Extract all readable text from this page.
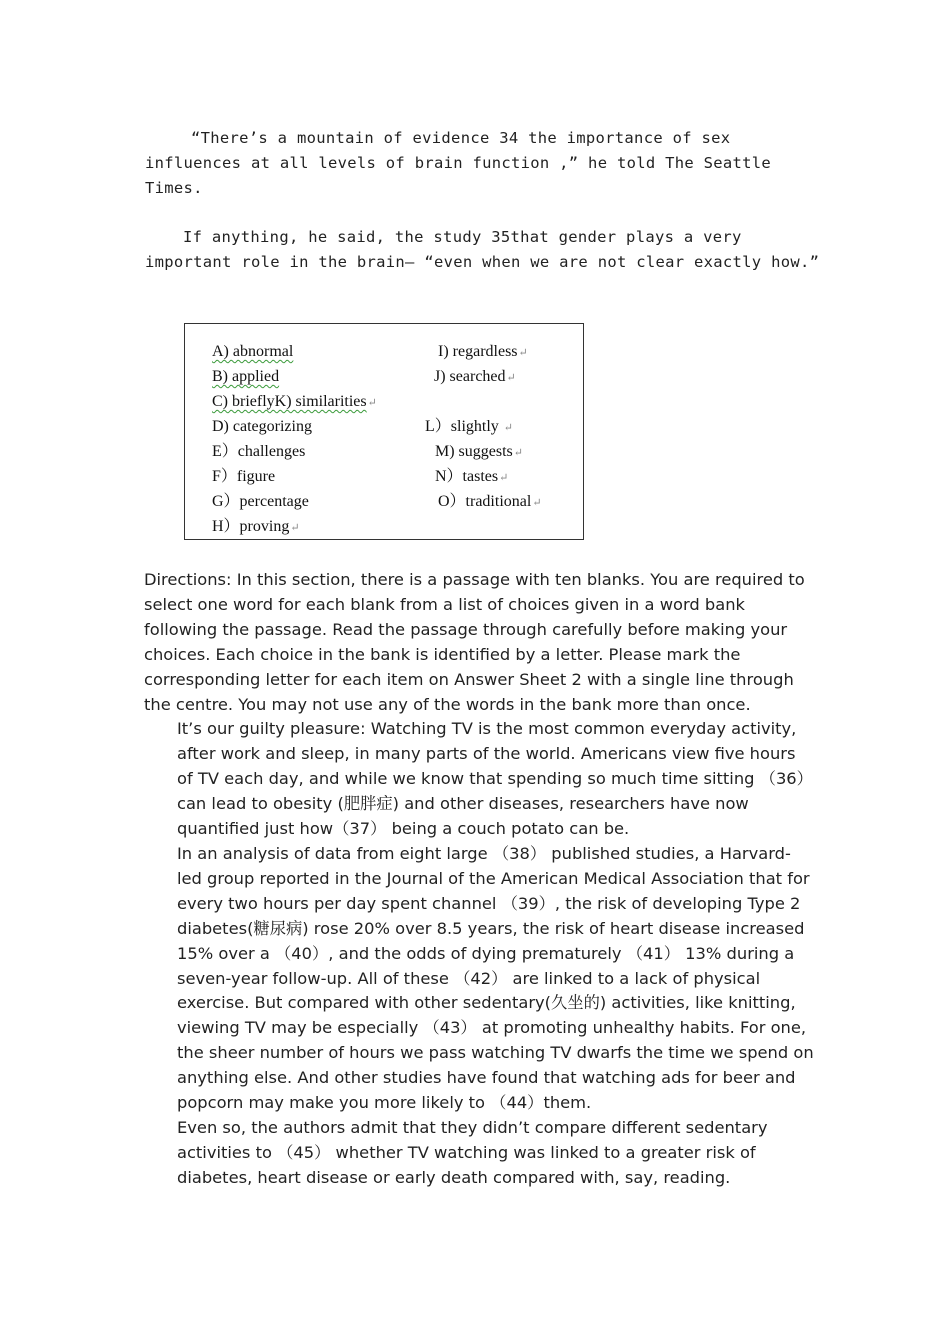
“There’s a mountain of evidence 34 the importance of sex influences at all levels of brain function ,” he told The Seattle Times.

If anything, he said, the study 35that gender plays a very important role in the brain— “even when we are not clear exactly how.”

A) abnormal
B) applied
C) brieflyK) similarities↵
D) categorizing
E）challenges
F）figure
G）percentage
H）proving↵
I) regardless↵
J) searched↵
L）slightly ↵
M) suggests↵
N）tastes↵
O）traditional↵

Directions: In this section, there is a passage with ten blanks. You are required to select one word for each blank from a list of choices given in a word bank following the passage. Read the passage through carefully before making your choices. Each choice in the bank is identified by a letter. Please mark the corresponding letter for each item on Answer Sheet 2 with a single line through the centre. You may not use any of the words in the bank more than once.

It’s our guilty pleasure: Watching TV is the most common everyday activity, after work and sleep, in many parts of the world. Americans view five hours of TV each day, and while we know that spending so much time sitting （36）can lead to obesity (肥胖症) and other diseases, researchers have now quantified just how（37） being a couch potato can be.

In an analysis of data from eight large （38） published studies, a Harvard-led group reported in the Journal of the American Medical Association that for every two hours per day spent channel （39）, the risk of developing Type 2 diabetes(糖尿病) rose 20% over 8.5 years, the risk of heart disease increased 15% over a （40）, and the odds of dying prematurely （41） 13% during a seven-year follow-up. All of these （42） are linked to a lack of physical exercise. But compared with other sedentary(久坐的) activities, like knitting, viewing TV may be especially （43） at promoting unhealthy habits. For one, the sheer number of hours we pass watching TV dwarfs the time we spend on anything else. And other studies have found that watching ads for beer and popcorn may make you more likely to （44）them.

Even so, the authors admit that they didn’t compare different sedentary activities to （45） whether TV watching was linked to a greater risk of diabetes, heart disease or early death compared with, say, reading.
